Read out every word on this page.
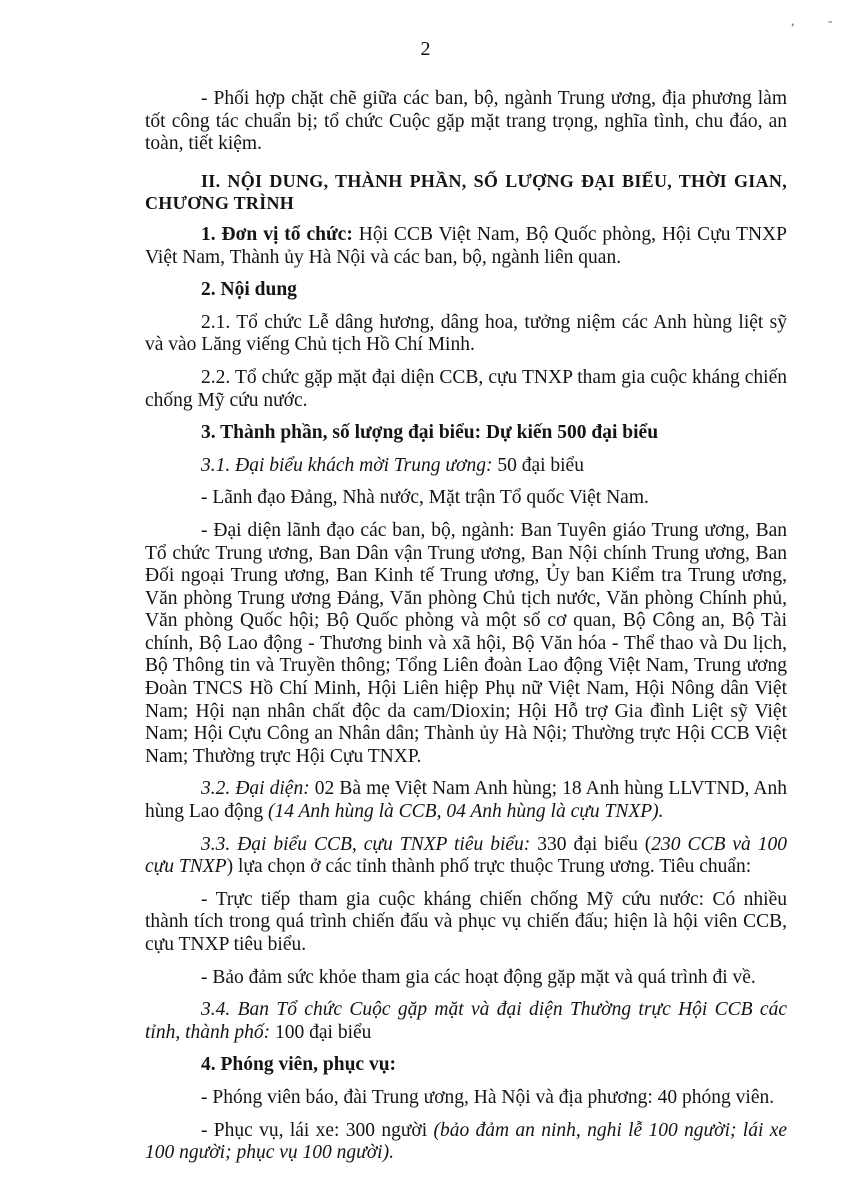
, -
2

- Phối hợp chặt chẽ giữa các ban, bộ, ngành Trung ương, địa phương làm tốt công tác chuẩn bị; tổ chức Cuộc gặp mặt trang trọng, nghĩa tình, chu đáo, an toàn, tiết kiệm.

II. NỘI DUNG, THÀNH PHẦN, SỐ LƯỢNG ĐẠI BIỂU, THỜI GIAN, CHƯƠNG TRÌNH

1. Đơn vị tổ chức: Hội CCB Việt Nam, Bộ Quốc phòng, Hội Cựu TNXP Việt Nam, Thành ủy Hà Nội và các ban, bộ, ngành liên quan.

2. Nội dung

2.1. Tổ chức Lễ dâng hương, dâng hoa, tưởng niệm các Anh hùng liệt sỹ và vào Lăng viếng Chủ tịch Hồ Chí Minh.

2.2. Tổ chức gặp mặt đại diện CCB, cựu TNXP tham gia cuộc kháng chiến chống Mỹ cứu nước.

3. Thành phần, số lượng đại biểu: Dự kiến 500 đại biểu

3.1. Đại biểu khách mời Trung ương: 50 đại biểu

- Lãnh đạo Đảng, Nhà nước, Mặt trận Tổ quốc Việt Nam.

- Đại diện lãnh đạo các ban, bộ, ngành: Ban Tuyên giáo Trung ương, Ban Tổ chức Trung ương, Ban Dân vận Trung ương, Ban Nội chính Trung ương, Ban Đối ngoại Trung ương, Ban Kinh tế Trung ương, Ủy ban Kiểm tra Trung ương, Văn phòng Trung ương Đảng, Văn phòng Chủ tịch nước, Văn phòng Chính phủ, Văn phòng Quốc hội; Bộ Quốc phòng và một số cơ quan, Bộ Công an, Bộ Tài chính, Bộ Lao động - Thương binh và xã hội, Bộ Văn hóa - Thể thao và Du lịch, Bộ Thông tin và Truyền thông; Tổng Liên đoàn Lao động Việt Nam, Trung ương Đoàn TNCS Hồ Chí Minh, Hội Liên hiệp Phụ nữ Việt Nam, Hội Nông dân Việt Nam; Hội nạn nhân chất độc da cam/Dioxin; Hội Hỗ trợ Gia đình Liệt sỹ Việt Nam; Hội Cựu Công an Nhân dân; Thành ủy Hà Nội; Thường trực Hội CCB Việt Nam; Thường trực Hội Cựu TNXP.

3.2. Đại diện: 02 Bà mẹ Việt Nam Anh hùng; 18 Anh hùng LLVTND, Anh hùng Lao động (14 Anh hùng là CCB, 04 Anh hùng là cựu TNXP).

3.3. Đại biểu CCB, cựu TNXP tiêu biểu: 330 đại biểu (230 CCB và 100 cựu TNXP) lựa chọn ở các tỉnh thành phố trực thuộc Trung ương. Tiêu chuẩn:

- Trực tiếp tham gia cuộc kháng chiến chống Mỹ cứu nước: Có nhiều thành tích trong quá trình chiến đấu và phục vụ chiến đấu; hiện là hội viên CCB, cựu TNXP tiêu biểu.

- Bảo đảm sức khỏe tham gia các hoạt động gặp mặt và quá trình đi về.

3.4. Ban Tổ chức Cuộc gặp mặt và đại diện Thường trực Hội CCB các tỉnh, thành phố: 100 đại biểu

4. Phóng viên, phục vụ:

- Phóng viên báo, đài Trung ương, Hà Nội và địa phương: 40 phóng viên.

- Phục vụ, lái xe: 300 người (bảo đảm an ninh, nghi lễ 100 người; lái xe 100 người; phục vụ 100 người).
